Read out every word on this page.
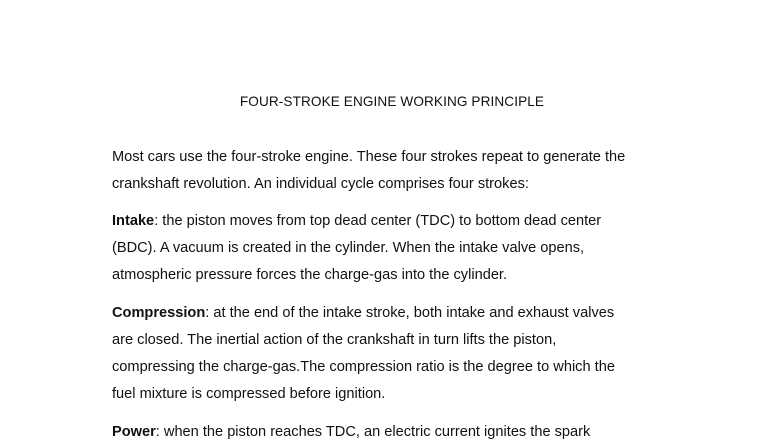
FOUR-STROKE ENGINE WORKING PRINCIPLE

Most cars use the four-stroke engine. These four strokes repeat to generate the
crankshaft revolution. An individual cycle comprises four strokes:

Intake: the piston moves from top dead center (TDC) to bottom dead center
(BDC). A vacuum is created in the cylinder. When the intake valve opens,
atmospheric pressure forces the charge-gas into the cylinder.

Compression: at the end of the intake stroke, both intake and exhaust valves
are closed. The inertial action of the crankshaft in turn lifts the piston,
compressing the charge-gas.The compression ratio is the degree to which the
fuel mixture is compressed before ignition.

Power: when the piston reaches TDC, an electric current ignites the spark
